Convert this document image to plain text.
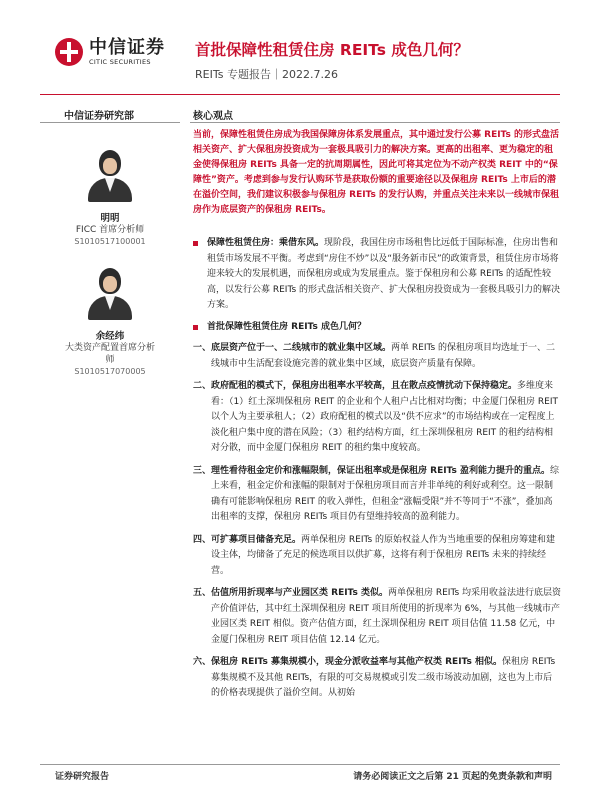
中信证券
CITIC SECURITIES
首批保障性租赁住房 REITs 成色几何？
REITs 专题报告｜2022.7.26
中信证券研究部	核心观点
明明
FICC 首席分析师
S1010517100001
余经纬
大类资产配置首席分析师
S1010517070005
当前，保障性租赁住房成为我国保障房体系发展重点，其中通过发行公募 REITs 的形式盘活相关资产、扩大保租房投资成为一套极具吸引力的解决方案。更高的出租率、更为稳定的租金使得保租房 REITs 具备一定的抗周期属性，因此可将其定位为不动产权类 REIT 中的“保障性”资产。考虑到参与发行认购环节是获取份额的重要途径以及保租房 REITs 上市后的潜在溢价空间，我们建议积极参与保租房 REITs 的发行认购，并重点关注未来以一线城市保租房作为底层资产的保租房 REITs。
保障性租赁住房：乘借东风。现阶段，我国住房市场租售比远低于国际标准，住房出售和租赁市场发展不平衡。考虑到“房住不炒”以及“服务新市民”的政策背景，租赁住房市场将迎来较大的发展机遇，而保租房或成为发展重点。鉴于保租房和公募 REITs 的适配性较高，以发行公募 REITs 的形式盘活相关资产、扩大保租房投资成为一套极具吸引力的解决方案。
首批保障性租赁住房 REITs 成色几何？
一、 底层资产位于一、二线城市的就业集中区域。两单 REITs 的保租房项目均选址于一、二线城市中生活配套设施完善的就业集中区域，底层资产质量有保障。
二、 政府配租的模式下，保租房出租率水平较高，且在散点疫情扰动下保持稳定。多维度来看：（1）红土深圳保租房 REIT 的企业和个人租户占比相对均衡；中金厦门保租房 REIT 以个人为主要承租人；（2）政府配租的模式以及“供不应求”的市场结构或在一定程度上淡化租户集中度的潜在风险；（3）租约结构方面，红土深圳保租房 REIT 的租约结构相对分散，而中金厦门保租房 REIT 的租约集中度较高。
三、 理性看待租金定价和涨幅限制，保证出租率或是保租房 REITs 盈利能力提升的重点。综上来看，租金定价和涨幅的限制对于保租房项目而言并非单纯的利好或利空。这一限制确有可能影响保租房 REIT 的收入弹性，但租金“涨幅受限”并不等同于“不涨”，叠加高出租率的支撑，保租房 REITs 项目仍有望维持较高的盈利能力。
四、 可扩募项目储备充足。两单保租房 REITs 的原始权益人作为当地重要的保租房筹建和建设主体，均储备了充足的候选项目以供扩募，这将有利于保租房 REITs 未来的持续经营。
五、 估值所用折现率与产业园区类 REITs 类似。两单保租房 REITs 均采用收益法进行底层资产价值评估，其中红土深圳保租房 REIT 项目所使用的折现率为 6%，与其他一线城市产业园区类 REIT 相似。资产估值方面，红土深圳保租房 REIT 项目估值 11.58 亿元，中金厦门保租房 REIT 项目估值 12.14 亿元。
六、 保租房 REITs 募集规模小，现金分派收益率与其他产权类 REITs 相似。保租房 REITs 募集规模不及其他 REITs，有限的可交易规模或引发二级市场波动加剧，这也为上市后的价格表现提供了溢价空间。从初始
证券研究报告	请务必阅读正文之后第 21 页起的免责条款和声明
